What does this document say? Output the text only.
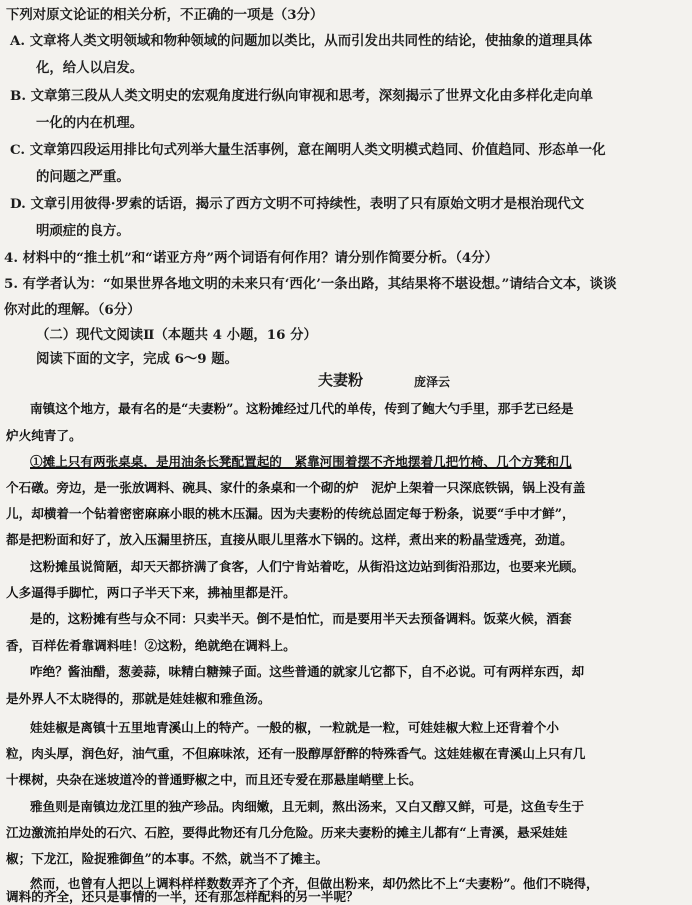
下列对原文论证的相关分析，不正确的一项是（3分）
A. 文章将人类文明领域和物种领域的问题加以类比，从而引发出共同性的结论，使抽象的道理具体
化，给人以启发。
B. 文章第三段从人类文明史的宏观角度进行纵向审视和思考，深刻揭示了世界文化由多样化走向单
一化的内在机理。
C. 文章第四段运用排比句式列举大量生活事例，意在阐明人类文明模式趋同、价值趋同、形态单一化
的问题之严重。
D. 文章引用彼得·罗索的话语，揭示了西方文明不可持续性，表明了只有原始文明才是根治现代文
明顽症的良方。
4. 材料中的“推土机”和“诺亚方舟”两个词语有何作用？请分别作简要分析。（4分）
5. 有学者认为：“如果世界各地文明的未来只有‘西化’一条出路，其结果将不堪设想。”请结合文本，谈谈
你对此的理解。（6分）
（二）现代文阅读Ⅱ（本题共 4 小题，16 分）
阅读下面的文字，完成 6～9 题。
夫妻粉	庞泽云
南镇这个地方，最有名的是“夫妻粉”。这粉摊经过几代的单传，传到了鲍大勺手里，那手艺已经是
炉火纯青了。
①摊上只有两张桌桌，是用油条长凳配置起的　紧靠河围着摆不齐地摆着几把竹椅、几个方凳和几
个石礅。旁边，是一张放调料、碗具、家什的条桌和一个砌的炉　泥炉上架着一只深底铁锅，锅上没有盖
儿，却横着一个钻着密密麻麻小眼的桃木压漏。因为夫妻粉的传统总固定每于粉条，说要“手中才鲜”，
都是把粉面和好了，放入压漏里挤压，直接从眼儿里落水下锅的。这样，煮出来的粉晶莹透亮，劲道。
这粉摊虽说简陋，却天天都挤满了食客，人们宁肯站着吃，从街沿这边站到街沿那边，也要来光顾。
人多逼得手脚忙，两口子半天下来，拂袖里都是汗。
是的，这粉摊有些与众不同：只卖半天。倒不是怕忙，而是要用半天去预备调料。饭菜火候，酒套
香，百样佐肴靠调料哇！②这粉，绝就绝在调料上。
咋绝？酱油醋，葱姜蒜，味精白糖辣子面。这些普通的就家儿它都下，自不必说。可有两样东西，却
是外界人不太晓得的，那就是娃娃椒和雅鱼汤。
娃娃椒是离镇十五里地青溪山上的特产。一般的椒，一粒就是一粒，可娃娃椒大粒上还背着个小
粒，肉头厚，润色好，油气重，不但麻味浓，还有一股醇厚舒醉的特殊香气。这娃娃椒在青溪山上只有几
十棵树，央杂在迷坡道冷的普通野椒之中，而且还专爱在那悬崖峭壁上长。
雅鱼则是南镇边龙江里的独产珍品。肉细嫩，且无刺，熬出汤来，又白又醇又鲜，可是，这鱼专生于
江边激流拍岸处的石穴、石腔，要得此物还有几分危险。历来夫妻粉的摊主儿都有“上青溪，悬采娃娃
椒；下龙江，险捉雅御鱼”的本事。不然，就当不了摊主。
然而，也曾有人把以上调料样样数数弄齐了个齐，但做出粉来，却仍然比不上“夫妻粉”。他们不晓得，
调料的齐全，还只是事情的一半，还有那怎样配料的另一半呢？
